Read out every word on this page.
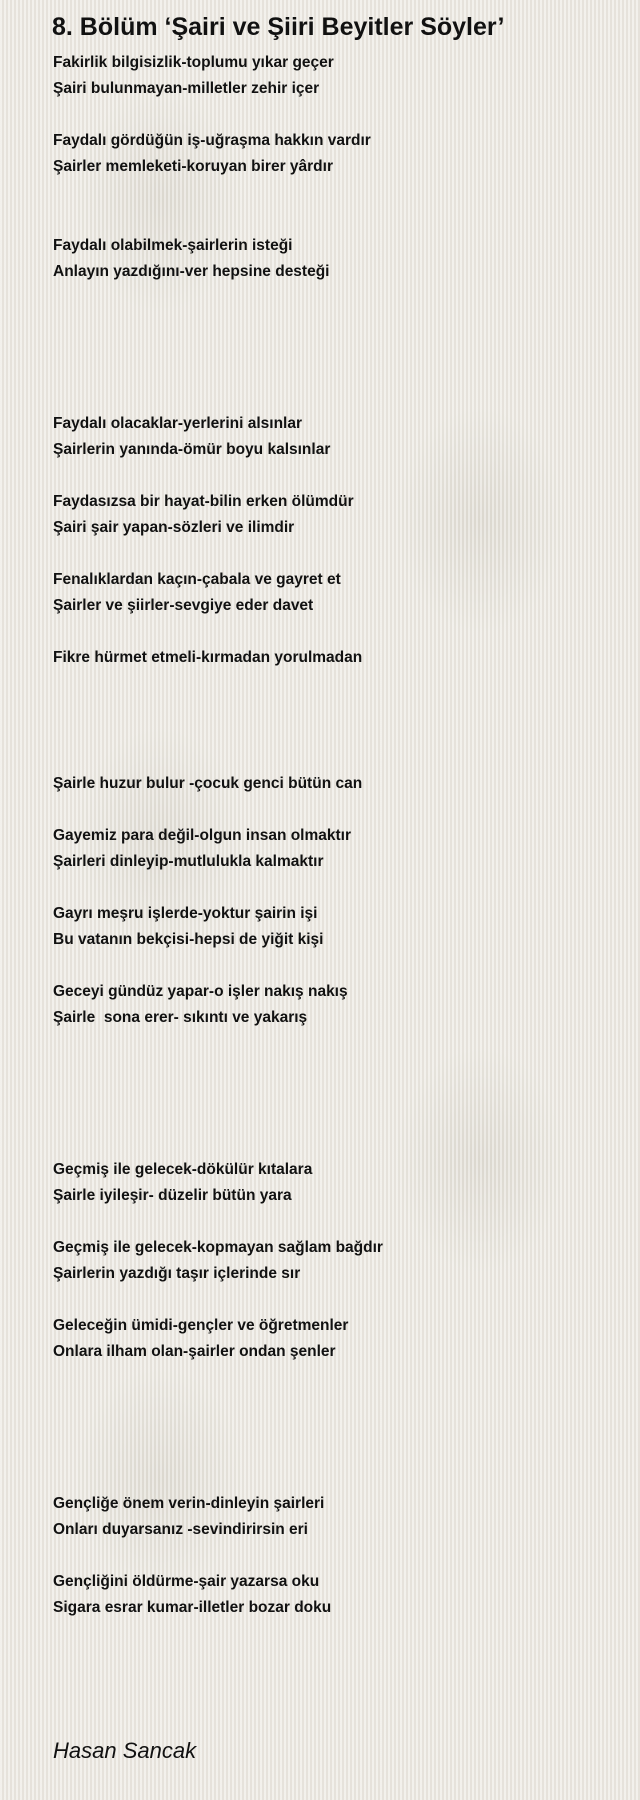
8. Bölüm ‘Şairi ve Şiiri Beyitler Söyler’
Fakirlik bilgisizlik-toplumu yıkar geçer
Şairi bulunmayan-milletler zehir içer
Faydalı gördüğün iş-uğraşma hakkın vardır
Şairler memleketi-koruyan birer yârdır
Faydalı olabilmek-şairlerin isteği
Anlayın yazdığını-ver hepsine desteği
Faydalı olacaklar-yerlerini alsınlar
Şairlerin yanında-ömür boyu kalsınlar
Faydasızsa bir hayat-bilin erken ölümdür
Şairi şair yapan-sözleri ve ilimdir
Fenalıklardan kaçın-çabala ve gayret et
Şairler ve şiirler-sevgiye eder davet
Fikre hürmet etmeli-kırmadan yorulmadan
Şairle huzur bulur -çocuk genci bütün can
Gayemiz para değil-olgun insan olmaktır
Şairleri dinleyip-mutlulukla kalmaktır
Gayrı meşru işlerde-yoktur şairin işi
Bu vatanın bekçisi-hepsi de yiğit kişi
Geceyi gündüz yapar-o işler nakış nakış
Şairle  sona erer- sıkıntı ve yakarış
Geçmiş ile gelecek-dökülür kıtalara
Şairle iyileşir- düzelir bütün yara
Geçmiş ile gelecek-kopmayan sağlam bağdır
Şairlerin yazdığı taşır içlerinde sır
Geleceğin ümidi-gençler ve öğretmenler
Onlara ilham olan-şairler ondan şenler
Gençliğe önem verin-dinleyin şairleri
Onları duyarsanız -sevindirirsin eri
Gençliğini öldürme-şair yazarsa oku
Sigara esrar kumar-illetler bozar doku
Hasan Sancak
